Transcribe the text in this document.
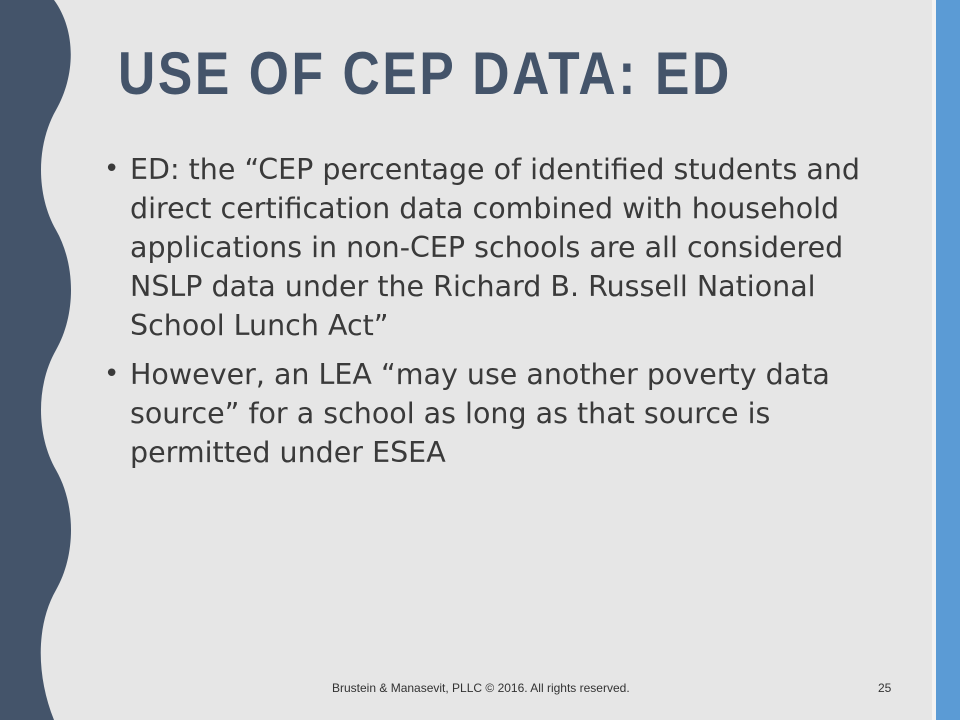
USE OF CEP DATA: ED
• ED: the “CEP percentage of identified students and direct certification data combined with household applications in non-CEP schools are all considered NSLP data under the Richard B. Russell National School Lunch Act”
• However, an LEA “may use another poverty data source” for a school as long as that source is permitted under ESEA
Brustein & Manasevit, PLLC © 2016. All rights reserved.	25
